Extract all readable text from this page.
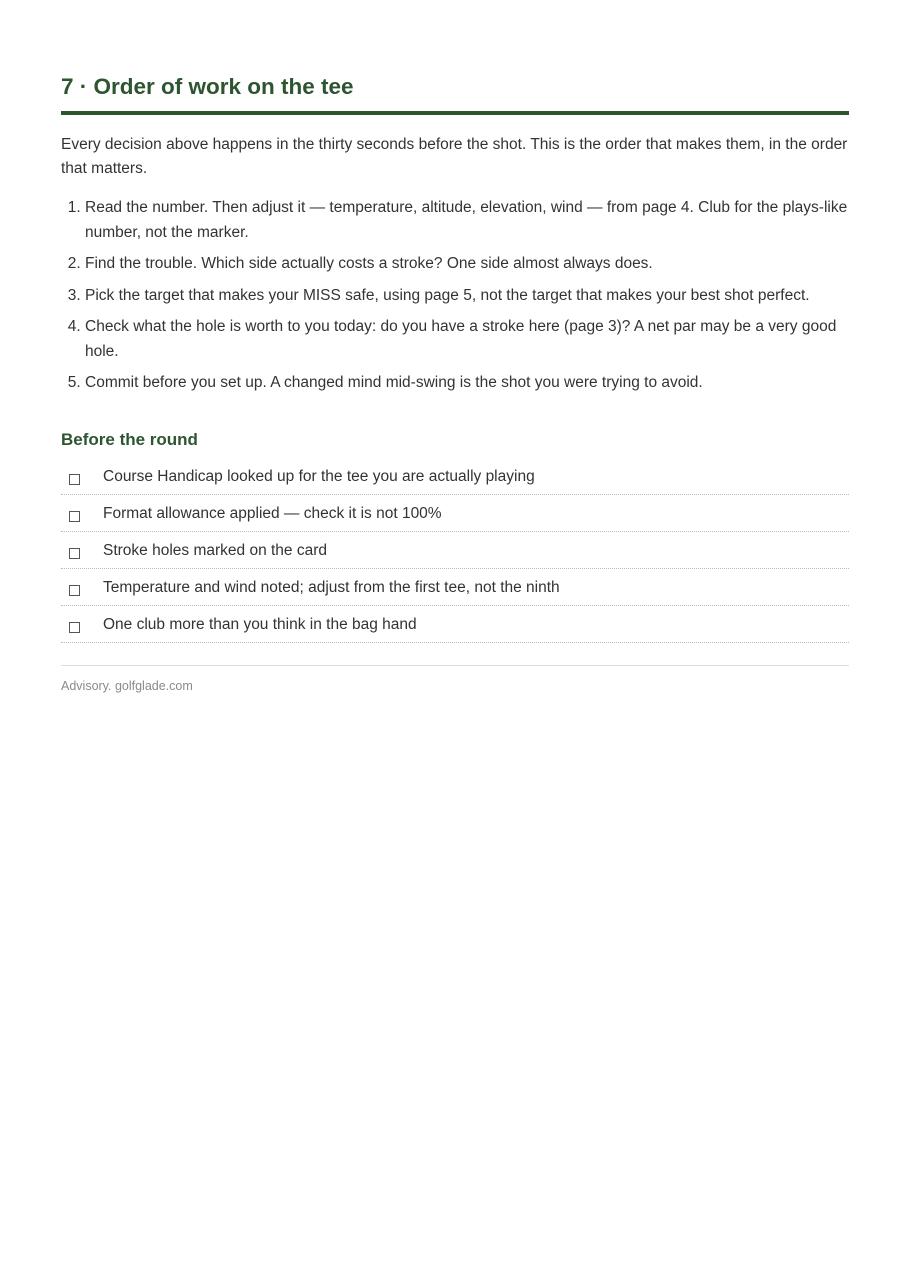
7 · Order of work on the tee

Every decision above happens in the thirty seconds before the shot. This is the order that makes them, in the order that matters.

1. Read the number. Then adjust it — temperature, altitude, elevation, wind — from page 4. Club for the plays-like number, not the marker.
2. Find the trouble. Which side actually costs a stroke? One side almost always does.
3. Pick the target that makes your MISS safe, using page 5, not the target that makes your best shot perfect.
4. Check what the hole is worth to you today: do you have a stroke here (page 3)? A net par may be a very good hole.
5. Commit before you set up. A changed mind mid-swing is the shot you were trying to avoid.
Before the round
Course Handicap looked up for the tee you are actually playing
Format allowance applied — check it is not 100%
Stroke holes marked on the card
Temperature and wind noted; adjust from the first tee, not the ninth
One club more than you think in the bag hand
Advisory. golfglade.com
